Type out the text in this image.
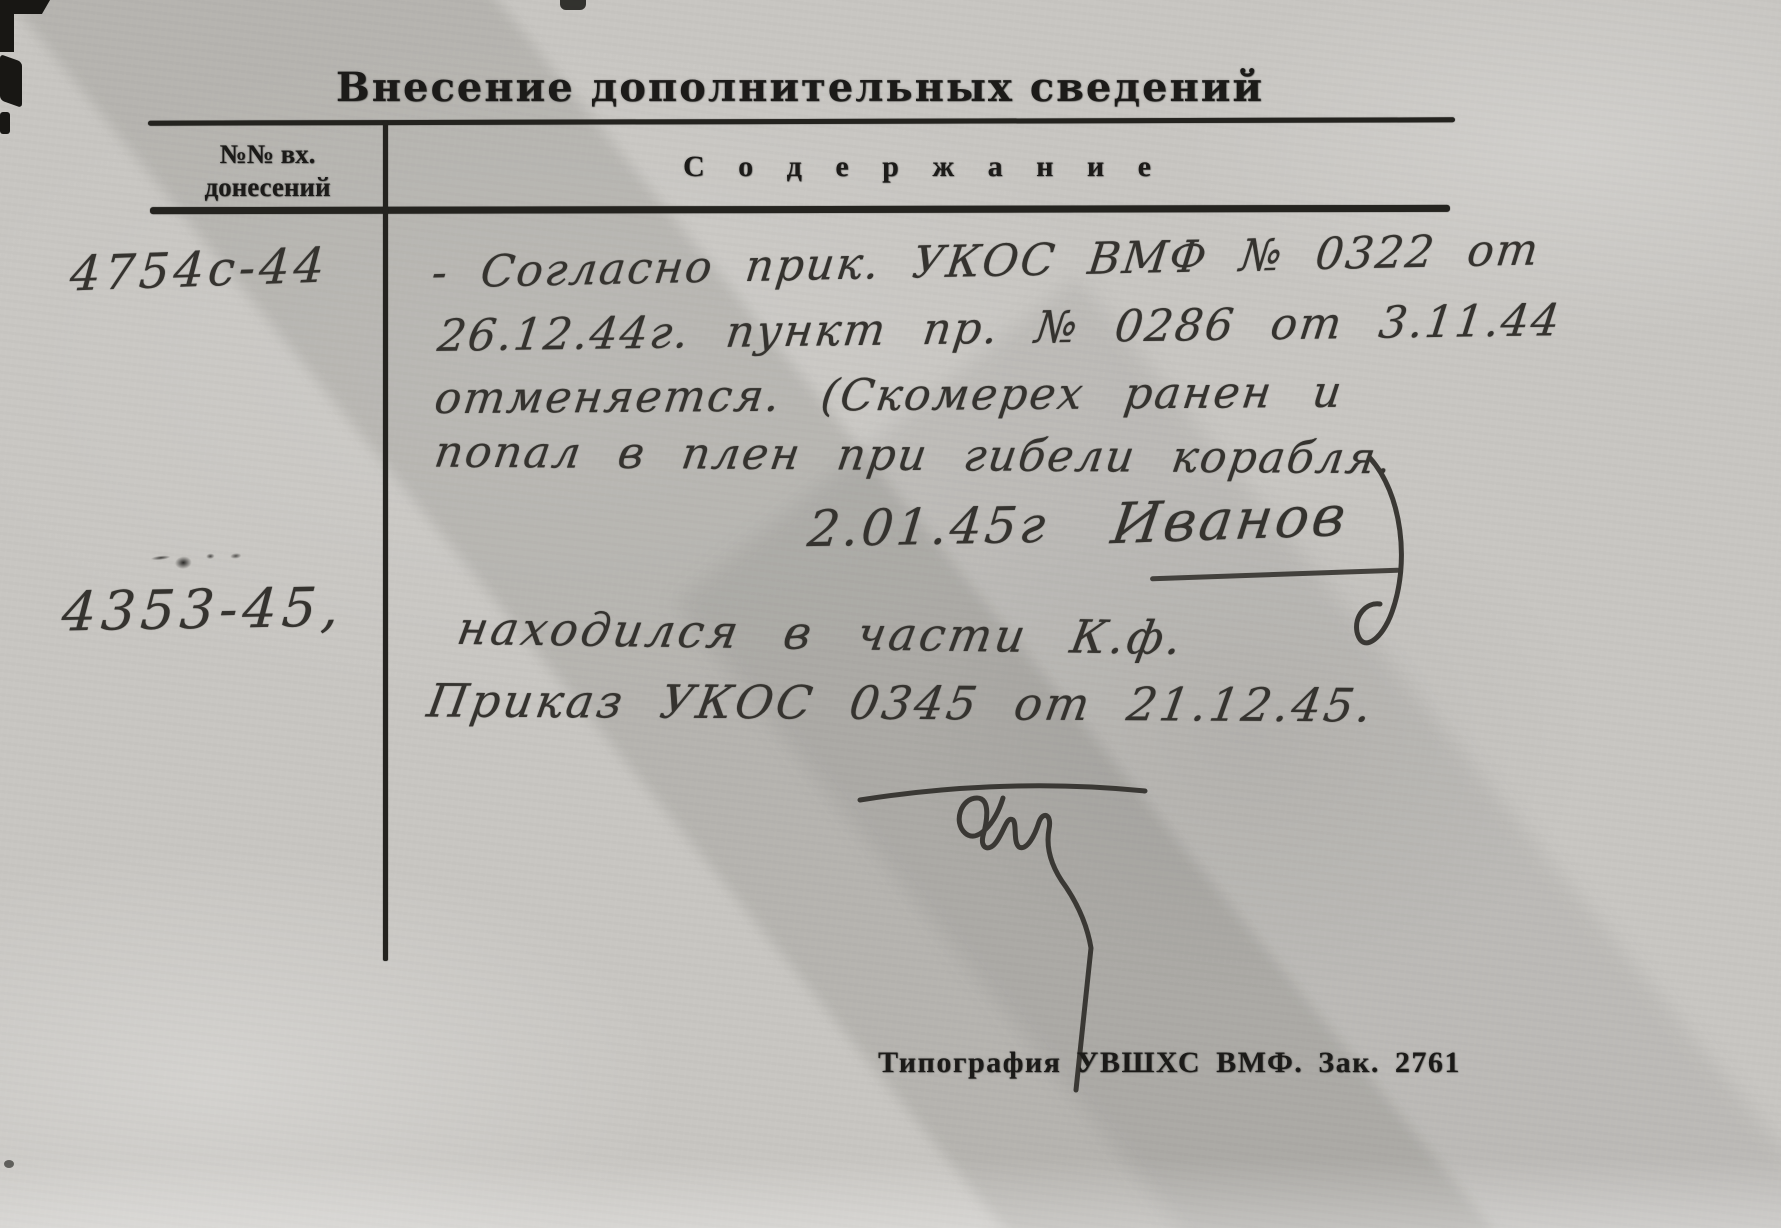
Внесение дополнительных сведений
№№ вх.
донесений
С о д е р ж а н и е
4754с-44 - Согласно прик. УКОС ВМФ № 0322 от
26.12.44г. пункт пр. № 0286 от 3.11.44
отменяется. (Скомерех ранен и
попал в плен при гибели корабля.
2.01.45г Иванов
4353-45, находился в части К.ф.
Приказ УКОС 0345 от 21.12.45.
Типография УВШХС ВМФ. Зак. 2761
